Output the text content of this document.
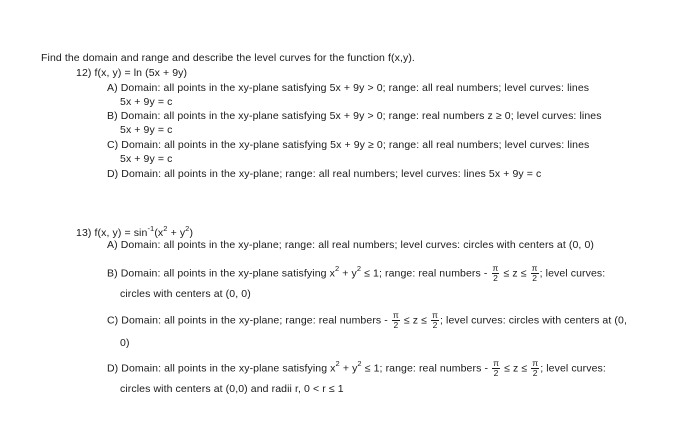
Find the domain and range and describe the level curves for the function f(x,y).
12) f(x, y) = ln (5x + 9y)
A) Domain: all points in the xy-plane satisfying 5x + 9y > 0; range: all real numbers; level curves: lines
5x + 9y = c
B) Domain: all points in the xy-plane satisfying 5x + 9y > 0; range: real numbers z ≥ 0; level curves: lines
5x + 9y = c
C) Domain: all points in the xy-plane satisfying 5x + 9y ≥ 0; range: all real numbers; level curves: lines
5x + 9y = c
D) Domain: all points in the xy-plane; range: all real numbers; level curves: lines 5x + 9y = c
13) f(x, $y) = \sin^{-1}(x^2 + y^2)$
A) Domain: all points in the xy-plane; range: all real numbers; level curves: circles with centers at (0, 0)
B) Domain: all points in the xy-plane satisfying $x^2 + y^2 \le 1$; range: real numbers - $\frac{\pi}{2} \le z \le \frac{\pi}{2}$ ; level curves:
circles with centers at (0, 0)
C) Domain: all points in the xy-plane; range: real numbers - $\frac{\pi}{2} \le z \le \frac{\pi}{2}$ ; level curves: circles with centers at (0,
0)
D) Domain: all points in the xy-plane satisfying $x^2 + y^2 \le 1$; range: real numbers - $\frac{\pi}{2} \le z \le \frac{\pi}{2}$ ; level curves:
circles with centers at (0,0) and radii r, 0 < r ≤ 1
